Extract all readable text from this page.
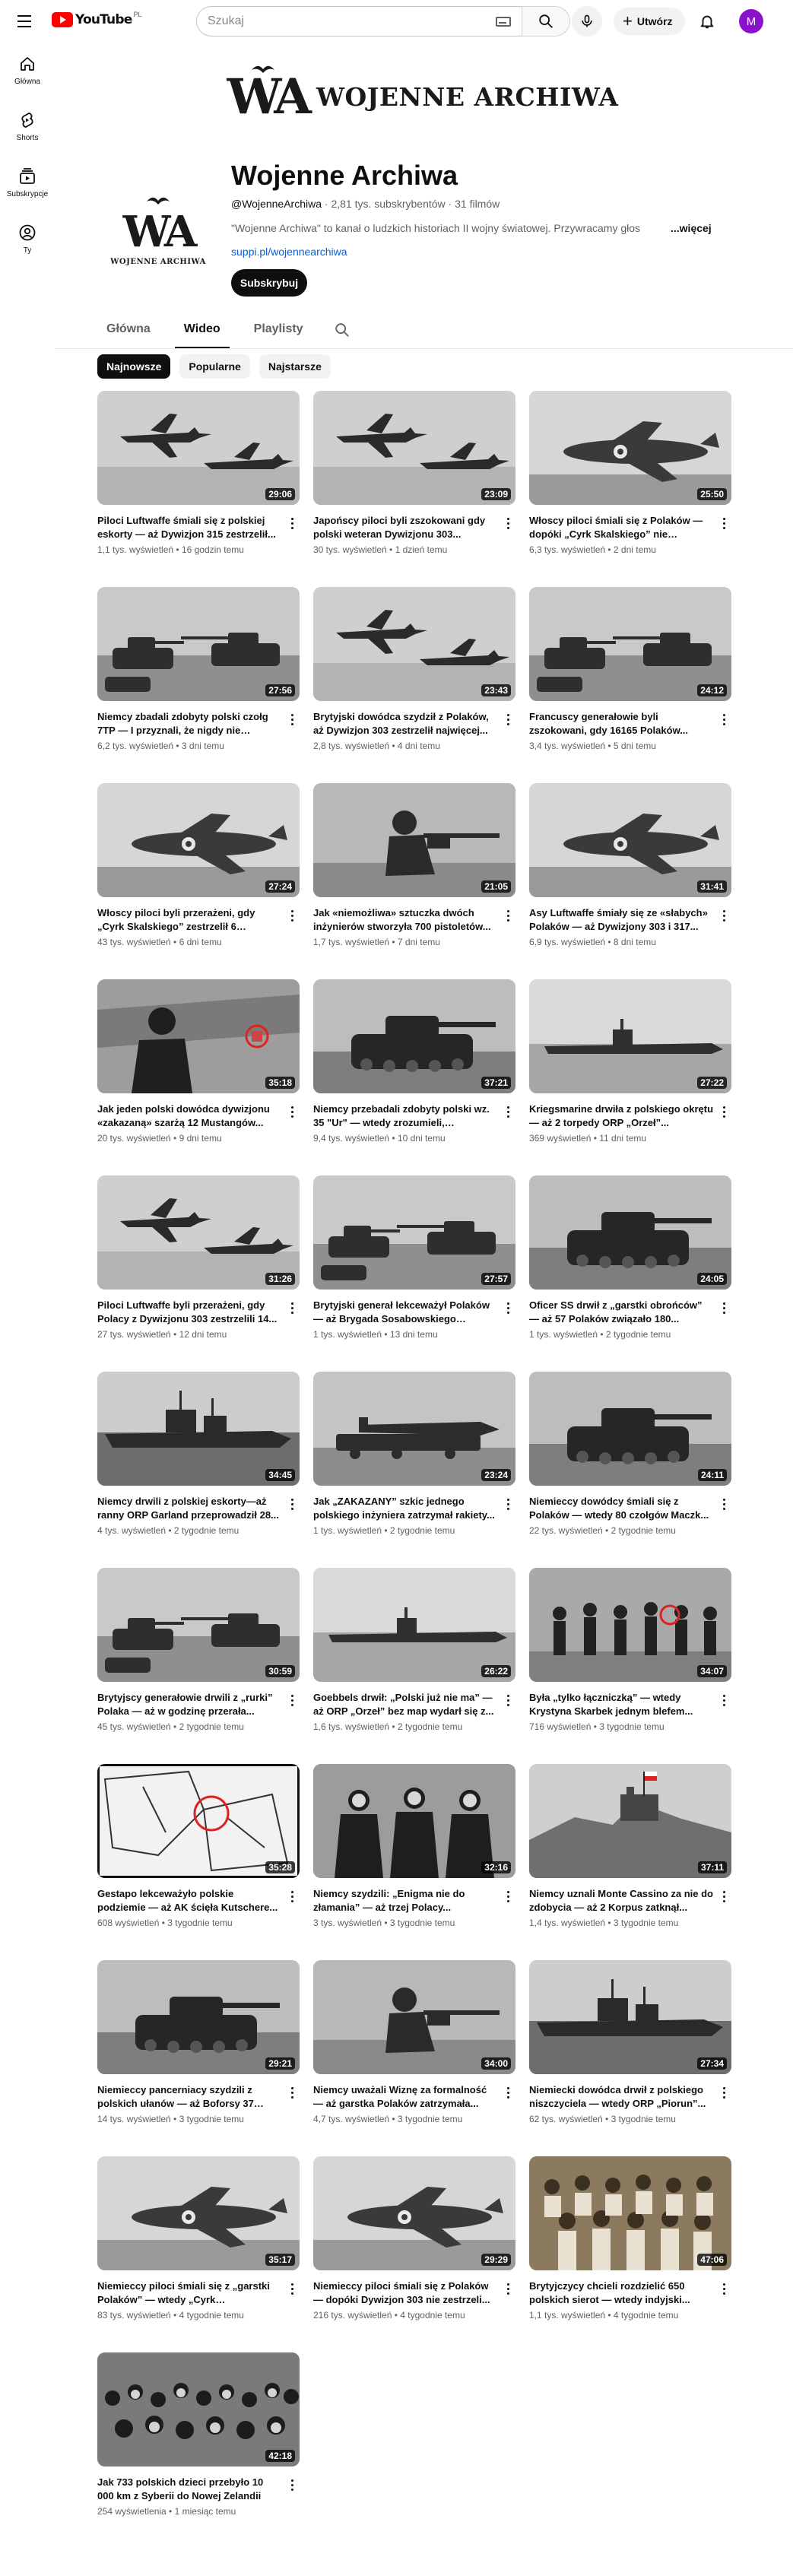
YouTube PL
Szukaj	+ Utwórz	M
Główna
Shorts
Subskrypcje
Ty
WA WOJENNE ARCHIWA
WA
WOJENNE ARCHIWA
Wojenne Archiwa
@WojenneArchiwa · 2,81 tys. subskrybentów · 31 filmów
"Wojenne Archiwa" to kanał o ludzkich historiach II wojny światowej. Przywracamy głos	...więcej
suppi.pl/wojennearchiwa
Subskrybuj
Główna	Wideo	Playlisty
Najnowsze	Popularne	Najstarsze
29:06
Piloci Luftwaffe śmiali się z polskiej eskorty — aż Dywizjon 315 zestrzelił...
1,1 tys. wyświetleń • 16 godzin temu
23:09
Japońscy piloci byli zszokowani gdy polski weteran Dywizjonu 303...
30 tys. wyświetleń • 1 dzień temu
25:50
Włoscy piloci śmiali się z Polaków — dopóki „Cyrk Skalskiego” nie
6,3 tys. wyświetleń • 2 dni temu
27:56
Niemcy zbadali zdobyty polski czołg 7TP — I przyznali, że nigdy nie
6,2 tys. wyświetleń • 3 dni temu
23:43
Brytyjski dowódca szydził z Polaków, aż Dywizjon 303 zestrzelił najwięcej...
2,8 tys. wyświetleń • 4 dni temu
24:12
Francuscy generałowie byli zszokowani, gdy 16165 Polaków...
3,4 tys. wyświetleń • 5 dni temu
27:24
Włoscy piloci byli przerażeni, gdy „Cyrk Skalskiego” zestrzelił 6
43 tys. wyświetleń • 6 dni temu
21:05
Jak «niemożliwa» sztuczka dwóch inżynierów stworzyła 700 pistoletów...
1,7 tys. wyświetleń • 7 dni temu
31:41
Asy Luftwaffe śmiały się ze «słabych» Polaków — aż Dywizjony 303 i 317...
6,9 tys. wyświetleń • 8 dni temu
35:18
Jak jeden polski dowódca dywizjonu «zakazaną» szarżą 12 Mustangów...
20 tys. wyświetleń • 9 dni temu
37:21
Niemcy przebadali zdobyty polski wz. 35 "Ur" — wtedy zrozumieli,
9,4 tys. wyświetleń • 10 dni temu
27:22
Kriegsmarine drwiła z polskiego okrętu — aż 2 torpedy ORP „Orzeł”...
369 wyświetleń • 11 dni temu
31:26
Piloci Luftwaffe byli przerażeni, gdy Polacy z Dywizjonu 303 zestrzelili 14...
27 tys. wyświetleń • 12 dni temu
27:57
Brytyjski generał lekceważył Polaków— aż Brygada Sosabowskiego
1 tys. wyświetleń • 13 dni temu
24:05
Oficer SS drwił z „garstki obrońców” — aż 57 Polaków związało 180...
1 tys. wyświetleń • 2 tygodnie temu
34:45
Niemcy drwili z polskiej eskorty—aż ranny ORP Garland przeprowadził 28...
4 tys. wyświetleń • 2 tygodnie temu
23:24
Jak „ZAKAZANY” szkic jednego polskiego inżyniera zatrzymał rakiety...
1 tys. wyświetleń • 2 tygodnie temu
24:11
Niemieccy dowódcy śmiali się z Polaków — wtedy 80 czołgów Maczk...
22 tys. wyświetleń • 2 tygodnie temu
30:59
Brytyjscy generałowie drwili z „rurki” Polaka — aż w godzinę przerała...
45 tys. wyświetleń • 2 tygodnie temu
26:22
Goebbels drwił: „Polski już nie ma” — aż ORP „Orzeł” bez map wydarł się z...
1,6 tys. wyświetleń • 2 tygodnie temu
34:07
Była „tylko łączniczką” — wtedy Krystyna Skarbek jednym blefem...
716 wyświetleń • 3 tygodnie temu
35:28
Gestapo lekceważyło polskie podziemie — aż AK ścięła Kutschere...
608 wyświetleń • 3 tygodnie temu
32:16
Niemcy szydzili: „Enigma nie do złamania” — aż trzej Polacy...
3 tys. wyświetleń • 3 tygodnie temu
37:11
Niemcy uznali Monte Cassino za nie do zdobycia — aż 2 Korpus zatknął...
1,4 tys. wyświetleń • 3 tygodnie temu
29:21
Niemieccy pancerniacy szydzili z polskich ułanów — aż Boforsy 37
14 tys. wyświetleń • 3 tygodnie temu
34:00
Niemcy uważali Wiznę za formalność — aż garstka Polaków zatrzymała...
4,7 tys. wyświetleń • 3 tygodnie temu
27:34
Niemiecki dowódca drwił z polskiego niszczyciela — wtedy ORP „Piorun”...
62 tys. wyświetleń • 3 tygodnie temu
35:17
Niemieccy piloci śmiali się z „garstki Polaków” — wtedy „Cyrk
83 tys. wyświetleń • 4 tygodnie temu
29:29
Niemieccy piloci śmiali się z Polaków — dopóki Dywizjon 303 nie zestrzeli...
216 tys. wyświetleń • 4 tygodnie temu
47:06
Brytyjczycy chcieli rozdzielić 650 polskich sierot — wtedy indyjski...
1,1 tys. wyświetleń • 4 tygodnie temu
42:18
Jak 733 polskich dzieci przebyło 10 000 km z Syberii do Nowej Zelandii
254 wyświetlenia • 1 miesiąc temu
